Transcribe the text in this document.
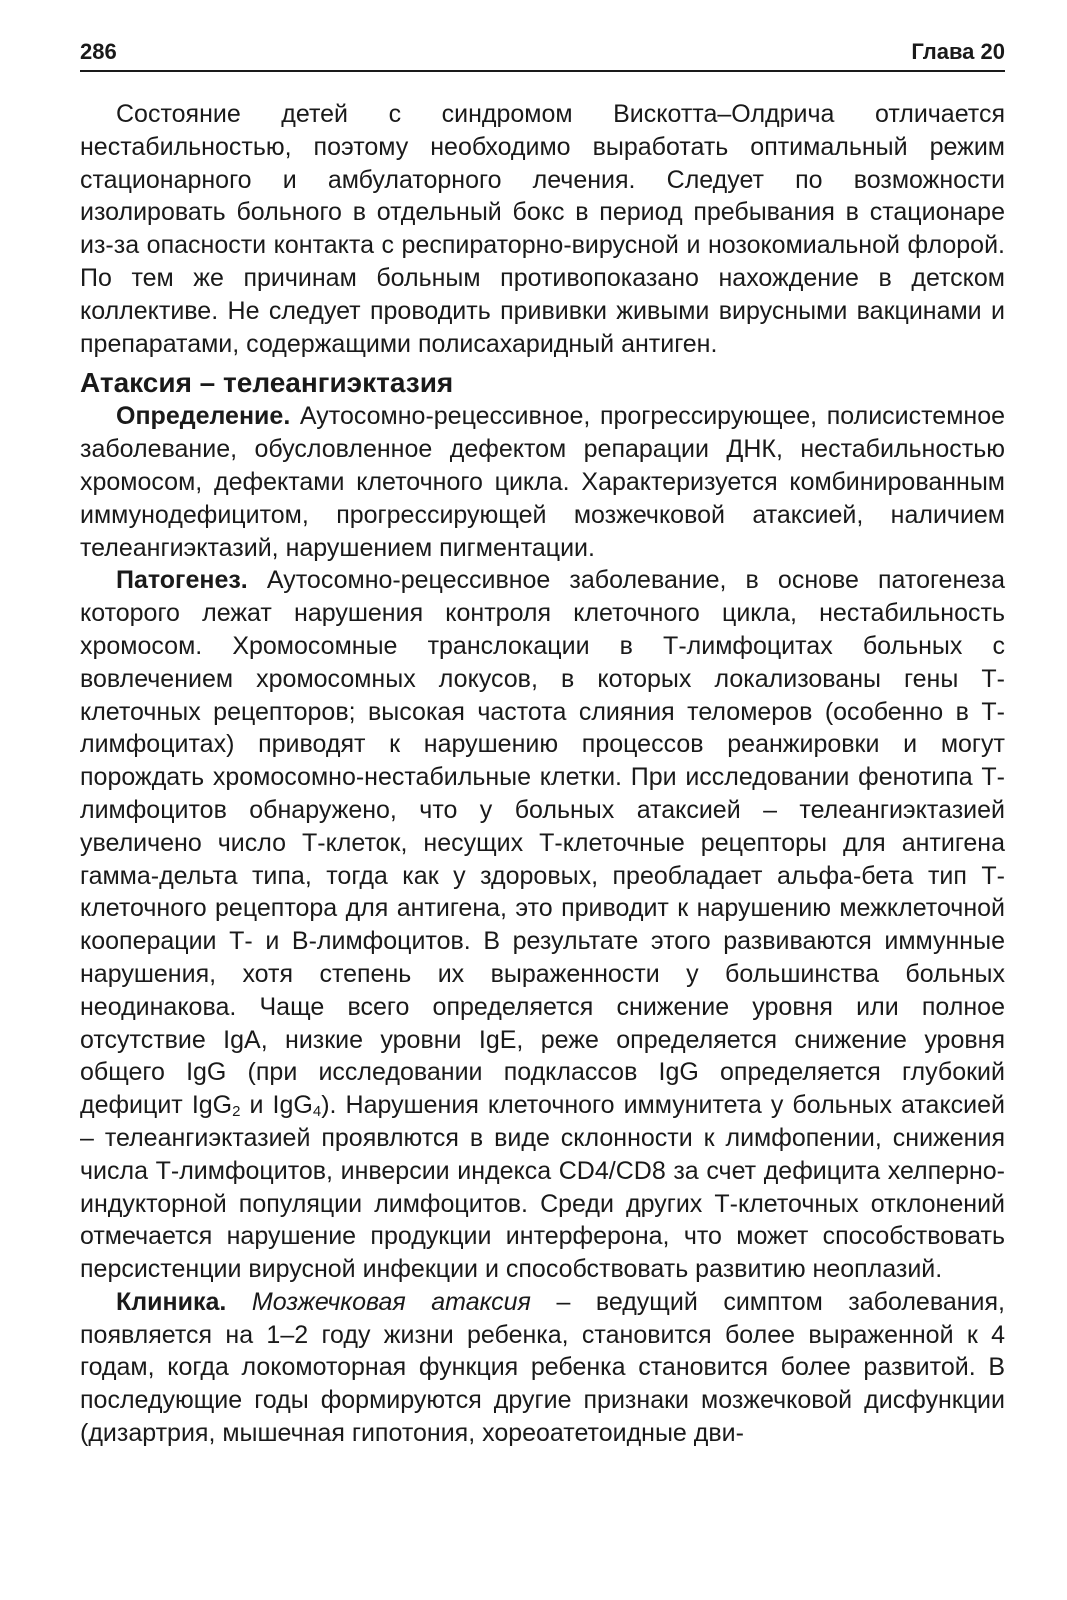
286	Глава 20

Состояние детей с синдромом Вискотта–Олдрича отличается нестабильностью, поэтому необходимо выработать оптимальный режим стационарного и амбулаторного лечения. Следует по возможности изолировать больного в отдельный бокс в период пребывания в стационаре из-за опасности контакта с респираторно-вирусной и нозокомиальной флорой. По тем же причинам больным противопоказано нахождение в детском коллективе. Не следует проводить прививки живыми вирусными вакцинами и препаратами, содержащими полисахаридный антиген.

Атаксия – телеангиэктазия

Определение. Аутосомно-рецессивное, прогрессирующее, полисистемное заболевание, обусловленное дефектом репарации ДНК, нестабильностью хромосом, дефектами клеточного цикла. Характеризуется комбинированным иммунодефицитом, прогрессирующей мозжечковой атаксией, наличием телеангиэктазий, нарушением пигментации.

Патогенез. Аутосомно-рецессивное заболевание, в основе патогенеза которого лежат нарушения контроля клеточного цикла, нестабильность хромосом. Хромосомные транслокации в Т-лимфоцитах больных с вовлечением хромосомных локусов, в которых локализованы гены Т-клеточных рецепторов; высокая частота слияния теломеров (особенно в Т-лимфоцитах) приводят к нарушению процессов реанжировки и могут порождать хромосомно-нестабильные клетки. При исследовании фенотипа Т-лимфоцитов обнаружено, что у больных атаксией – телеангиэктазией увеличено число Т-клеток, несущих Т-клеточные рецепторы для антигена гамма-дельта типа, тогда как у здоровых, преобладает альфа-бета тип Т-клеточного рецептора для антигена, это приводит к нарушению межклеточной кооперации Т- и В-лимфоцитов. В результате этого развиваются иммунные нарушения, хотя степень их выраженности у большинства больных неодинакова. Чаще всего определяется снижение уровня или полное отсутствие IgA, низкие уровни IgE, реже определяется снижение уровня общего IgG (при исследовании подклассов IgG определяется глубокий дефицит IgG$_2$ и IgG$_4$). Нарушения клеточного иммунитета у больных атаксией – телеангиэктазией проявлются в виде склонности к лимфопении, снижения числа Т-лимфоцитов, инверсии индекса CD4/CD8 за счет дефицита хелперно-индукторной популяции лимфоцитов. Среди других Т-клеточных отклонений отмечается нарушение продукции интерферона, что может способствовать персистенции вирусной инфекции и способствовать развитию неоплазий.

Клиника. Мозжечковая атаксия – ведущий симптом заболевания, появляется на 1–2 году жизни ребенка, становится более выраженной к 4 годам, когда локомоторная функция ребенка становится более развитой. В последующие годы формируются другие признаки мозжечковой дисфункции (дизартрия, мышечная гипотония, хореоатетоидные дви-
